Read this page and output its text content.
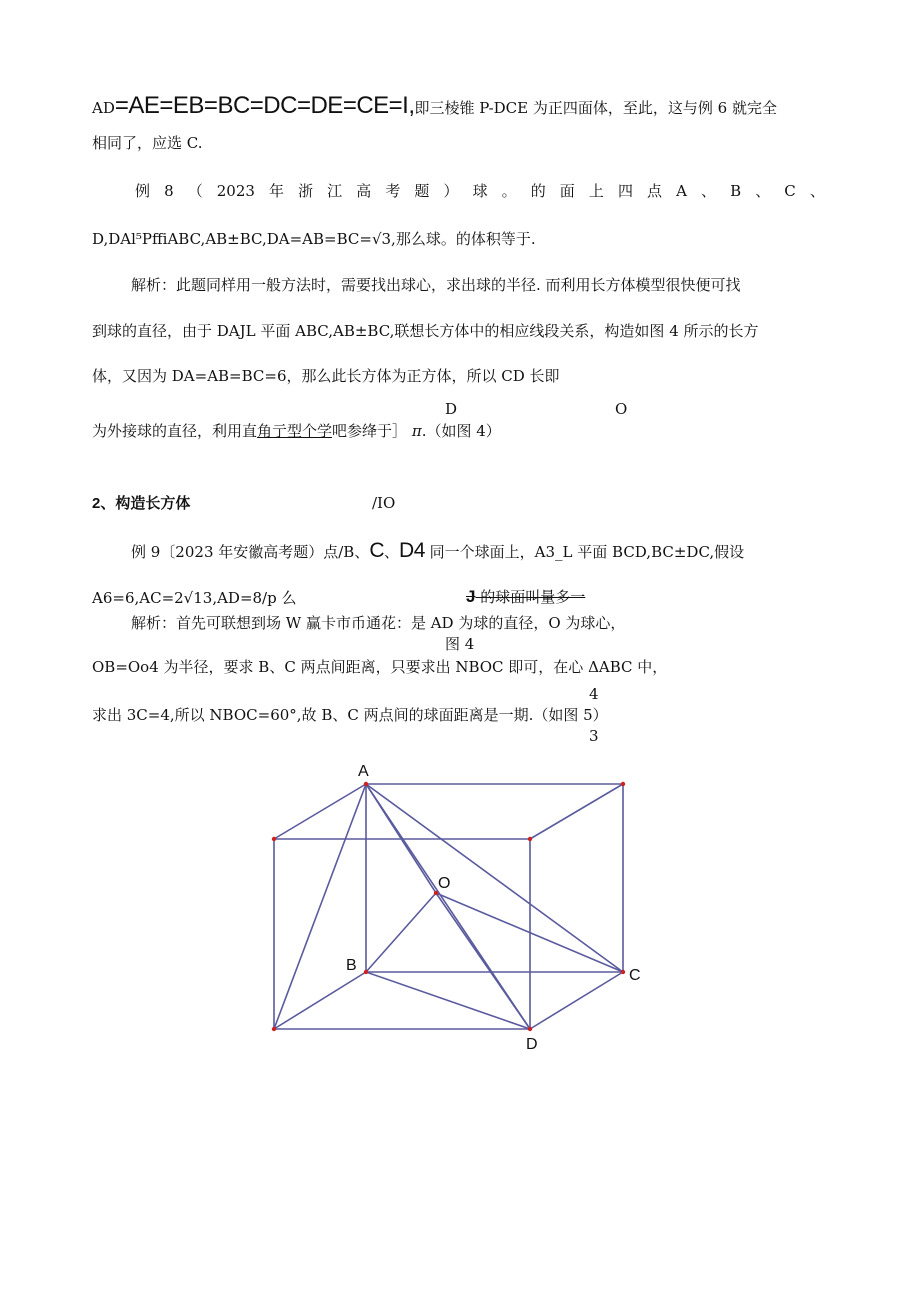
AD=AE=EB=BC=DC=DE=CE=I,即三棱锥 P-DCE 为正四面体，至此，这与例 6 就完全
相同了，应选 C.
例 8 （ 2023 年 浙 江 高 考 题 ） 球 。 的 面 上 四 点 A 、 B 、 C 、
D,DAl⁵PffiABC,AB±BC,DA=AB=BC=√3,那么球。的体积等于.
解析：此题同样用一般方法时，需要找出球心，求出球的半径. 而利用长方体模型很快便可找
到球的直径，由于 DAJL 平面 ABC,AB±BC,联想长方体中的相应线段关系，构造如图 4 所示的长方
体，又因为 DA=AB=BC=6，那么此长方体为正方体，所以 CD 长即
D	O
为外接球的直径，利用直角亍型个学吧参绛于］ π.（如图 4）
2、构造长方体	/IO
例 9〔2023 年安徽高考题）点/B、C、D4 同一个球面上，A3_L 平面 BCD,BC±DC,假设
A6=6,AC=2√13,AD=8/p 么	J 的球面叫量多一
解析：首先可联想到场 W 赢卡市币通花：是 AD 为球的直径，O 为球心，
图 4
OB=Oo4 为半径，要求 B、C 两点间距离，只要求出 NBOC 即可，在心 ΔABC 中，
4
求出 3C=4,所以 NBOC=60°,故 B、C 两点间的球面距离是一期.（如图 5）
3
A
O
B
C
D
